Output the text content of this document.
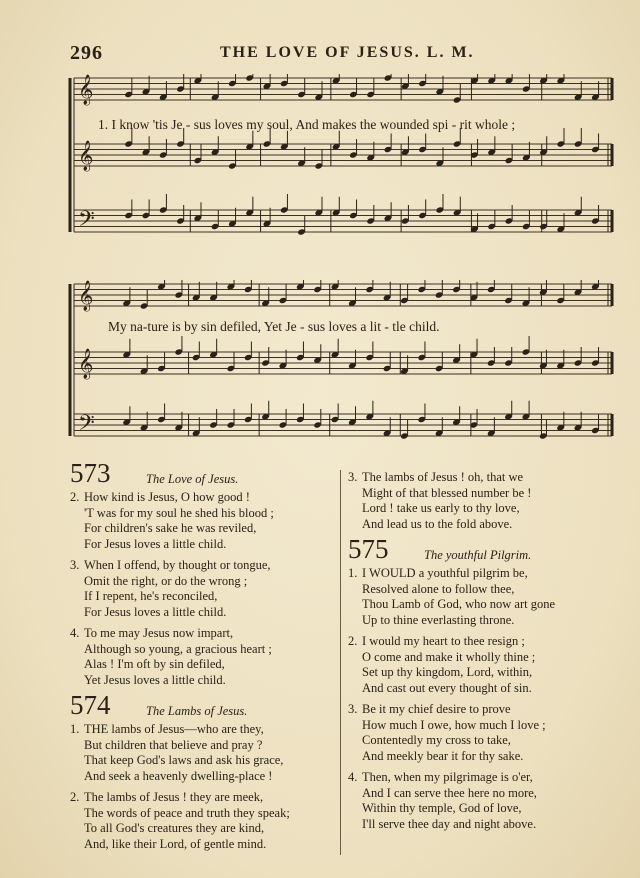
296	THE LOVE OF JESUS. L. M.
𝄞
𝄞
𝄢
1. I know 'tis Je - sus loves my soul, And makes the wounded spi - rit whole ;
𝄞
𝄞
𝄢
My na-ture is by sin defiled, Yet Je - sus loves a lit - tle child.
573	The Love of Jesus.
2. How kind is Jesus, O how good !
'T was for my soul he shed his blood ;
For children's sake he was reviled,
For Jesus loves a little child.
3. When I offend, by thought or tongue,
Omit the right, or do the wrong ;
If I repent, he's reconciled,
For Jesus loves a little child.
4. To me may Jesus now impart,
Although so young, a gracious heart ;
Alas ! I'm oft by sin defiled,
Yet Jesus loves a little child.
574	The Lambs of Jesus.
1. THE lambs of Jesus—who are they,
But children that believe and pray ?
That keep God's laws and ask his grace,
And seek a heavenly dwelling-place !
2. The lambs of Jesus ! they are meek,
The words of peace and truth they speak;
To all God's creatures they are kind,
And, like their Lord, of gentle mind.
3. The lambs of Jesus ! oh, that we
Might of that blessed number be !
Lord ! take us early to thy love,
And lead us to the fold above.
575	The youthful Pilgrim.
1. I WOULD a youthful pilgrim be,
Resolved alone to follow thee,
Thou Lamb of God, who now art gone
Up to thine everlasting throne.
2. I would my heart to thee resign ;
O come and make it wholly thine ;
Set up thy kingdom, Lord, within,
And cast out every thought of sin.
3. Be it my chief desire to prove
How much I owe, how much I love ;
Contentedly my cross to take,
And meekly bear it for thy sake.
4. Then, when my pilgrimage is o'er,
And I can serve thee here no more,
Within thy temple, God of love,
I'll serve thee day and night above.
